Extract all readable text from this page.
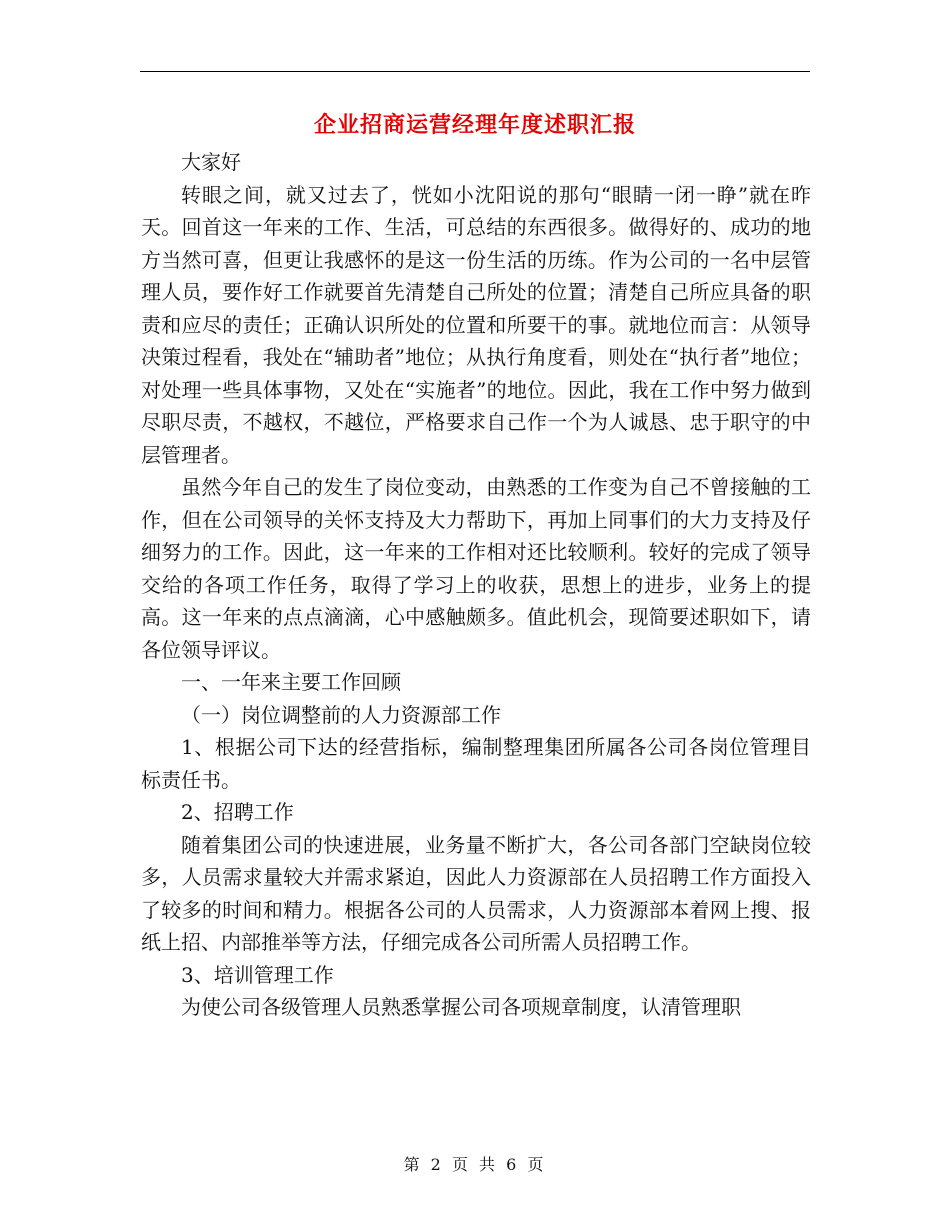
企业招商运营经理年度述职汇报

大家好

转眼之间，就又过去了，恍如小沈阳说的那句“眼睛一闭一睁”就在昨天。回首这一年来的工作、生活，可总结的东西很多。做得好的、成功的地方当然可喜，但更让我感怀的是这一份生活的历练。作为公司的一名中层管理人员，要作好工作就要首先清楚自己所处的位置；清楚自己所应具备的职责和应尽的责任；正确认识所处的位置和所要干的事。就地位而言：从领导决策过程看，我处在“辅助者”地位；从执行角度看，则处在“执行者”地位；对处理一些具体事物，又处在“实施者”的地位。因此，我在工作中努力做到尽职尽责，不越权，不越位，严格要求自己作一个为人诚恳、忠于职守的中层管理者。

虽然今年自己的发生了岗位变动，由熟悉的工作变为自己不曾接触的工作，但在公司领导的关怀支持及大力帮助下，再加上同事们的大力支持及仔细努力的工作。因此，这一年来的工作相对还比较顺利。较好的完成了领导交给的各项工作任务，取得了学习上的收获，思想上的进步，业务上的提高。这一年来的点点滴滴，心中感触颇多。值此机会，现简要述职如下，请各位领导评议。

一、一年来主要工作回顾

（一）岗位调整前的人力资源部工作

1、根据公司下达的经营指标，编制整理集团所属各公司各岗位管理目标责任书。

2、招聘工作

随着集团公司的快速进展，业务量不断扩大，各公司各部门空缺岗位较多，人员需求量较大并需求紧迫，因此人力资源部在人员招聘工作方面投入了较多的时间和精力。根据各公司的人员需求，人力资源部本着网上搜、报纸上招、内部推举等方法，仔细完成各公司所需人员招聘工作。

3、培训管理工作

为使公司各级管理人员熟悉掌握公司各项规章制度，认清管理职

第 2 页 共 6 页
